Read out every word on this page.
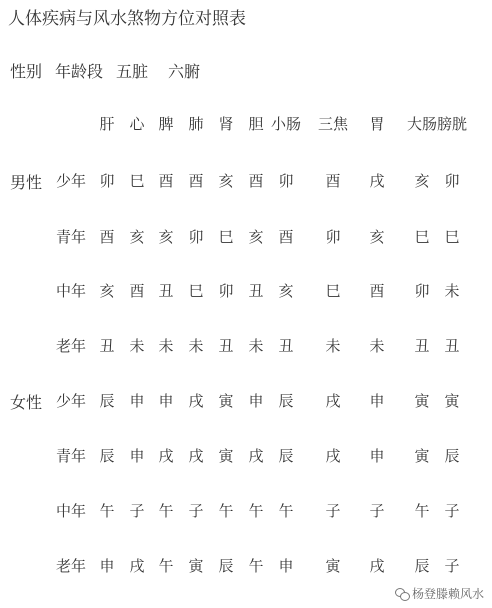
人体疾病与风水煞物方位对照表
性别 年龄段 五脏 六腑
肝 心 脾 肺 肾 胆 小肠	三焦	胃	大肠 膀胱
男性 少年 卯 巳 酉 酉 亥 酉 卯	酉	戌	亥 卯
青年 酉 亥 亥 卯 巳 亥 酉	卯	亥	巳 巳
中年 亥 酉 丑 巳 卯 丑 亥	巳	酉	卯 未
老年 丑 未 未 未 丑 未 丑	未	未	丑 丑
女性 少年 辰 申 申 戌 寅 申 辰	戌	申	寅 寅
青年 辰 申 戌 戌 寅 戌 辰	戌	申	寅 辰
中年 午 子 午 子 午 午 午	子	子	午 子
老年 申 戌 午 寅 辰 午 申	寅	戌	辰 子
杨登滕赖风水
